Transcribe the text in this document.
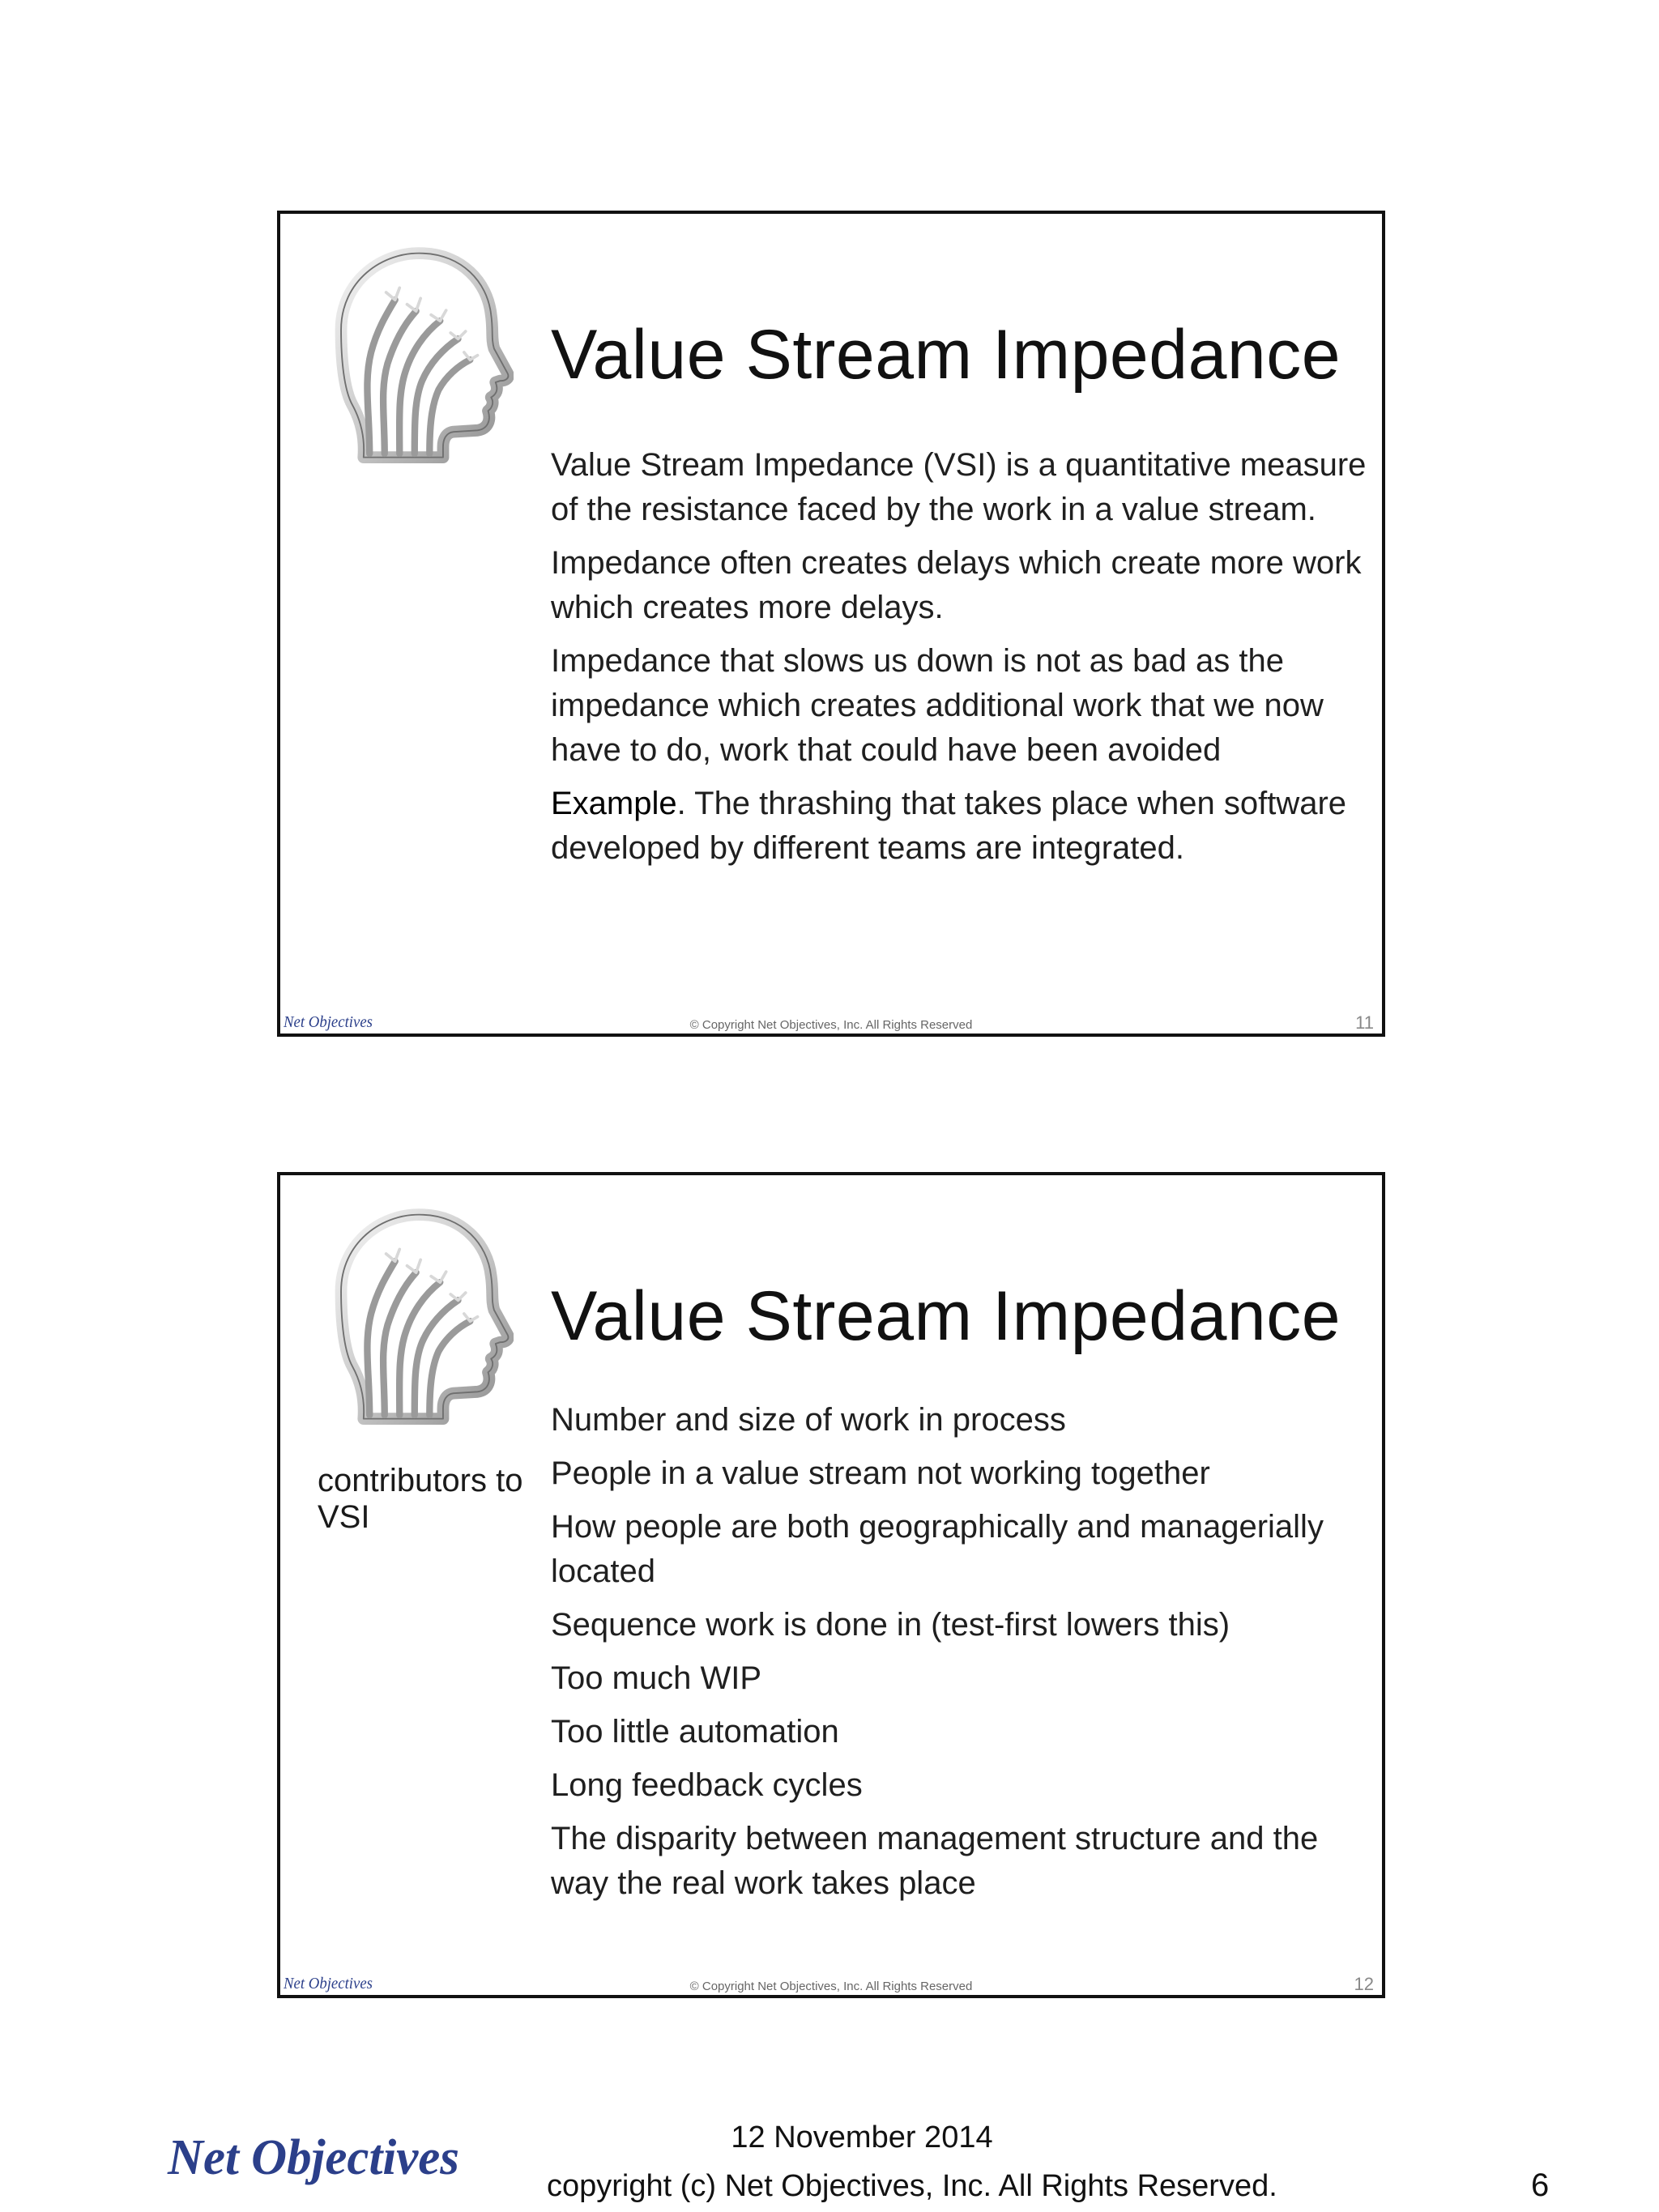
Value Stream Impedance
Value Stream Impedance (VSI) is a quantitative measure of the resistance faced by the work in a value stream.
Impedance often creates delays which create more work which creates more delays.
Impedance that slows us down is not as bad as the impedance which creates additional work that we now have to do, work that could have been avoided
Example. The thrashing that takes place when software developed by different teams are integrated.
Net Objectives	© Copyright Net Objectives, Inc. All Rights Reserved	11
Value Stream Impedance
contributors to VSI
Number and size of work in process
People in a value stream not working together
How people are both geographically and managerially located
Sequence work is done in (test-first lowers this)
Too much WIP
Too little automation
Long feedback cycles
The disparity between management structure and the way the real work takes place
Net Objectives	© Copyright Net Objectives, Inc. All Rights Reserved	12
Net Objectives	12 November 2014
copyright (c) Net Objectives, Inc. All Rights Reserved.	6
